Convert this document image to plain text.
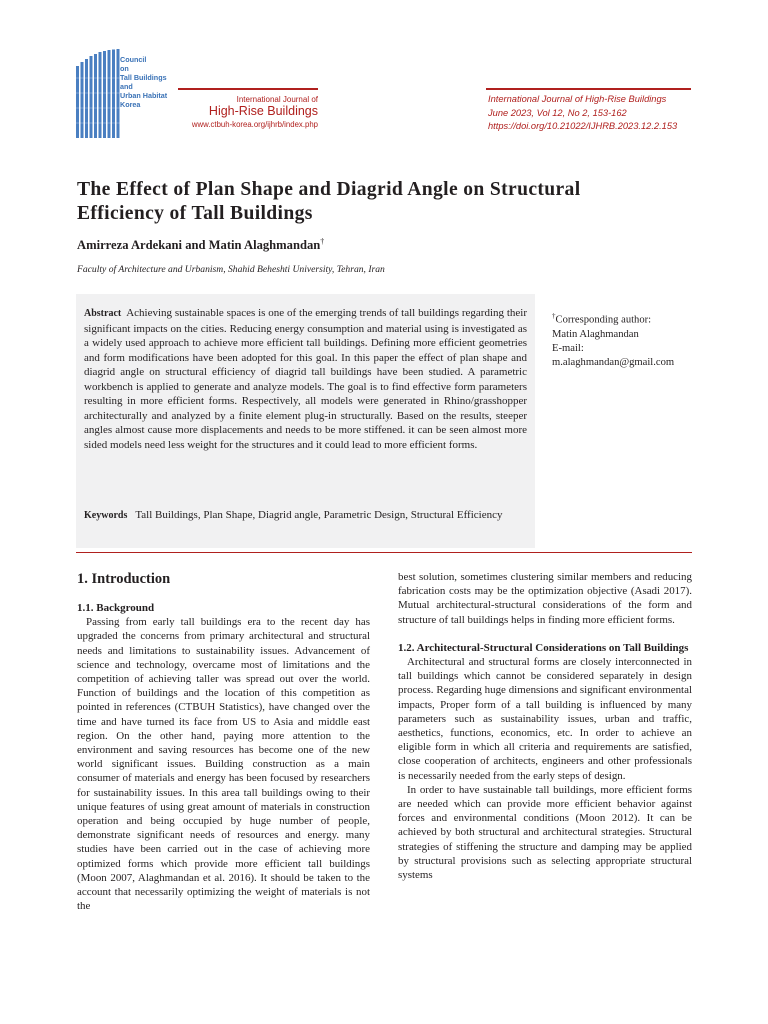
Council
on
Tall Buildings
and
Urban Habitat
Korea
International Journal of
High-Rise Buildings
www.ctbuh-korea.org/ijhrb/index.php
International Journal of High-Rise Buildings
June 2023, Vol 12, No 2, 153-162
https://doi.org/10.21022/IJHRB.2023.12.2.153
The Effect of Plan Shape and Diagrid Angle on Structural
Efficiency of Tall Buildings
Amirreza Ardekani and Matin Alaghmandan†
Faculty of Architecture and Urbanism, Shahid Beheshti University, Tehran, Iran
Abstract Achieving sustainable spaces is one of the emerging trends of tall buildings regarding their significant impacts on the cities. Reducing energy consumption and material using is investigated as a widely used approach to achieve more efficient tall buildings. Defining more efficient geometries and form modifications have been adopted for this goal. In this paper the effect of plan shape and diagrid angle on structural efficiency of diagrid tall buildings have been studied. A parametric workbench is applied to generate and analyze models. The goal is to find effective form parameters resulting in more efficient forms. Respectively, all models were generated in Rhino/grasshopper architecturally and analyzed by a finite element plug-in structurally. Based on the results, steeper angles almost cause more displacements and needs to be more stiffened. it can be seen almost more sided models need less weight for the structures and it could lead to more efficient forms.
Keywords Tall Buildings, Plan Shape, Diagrid angle, Parametric Design, Structural Efficiency
†Corresponding author:
Matin Alaghmandan
E-mail:
m.alaghmandan@gmail.com
1. Introduction
1.1. Background

Passing from early tall buildings era to the recent day has upgraded the concerns from primary architectural and structural needs and limitations to sustainability issues. Advancement of science and technology, overcame most of limitations and the competition of achieving taller was spread out over the world. Function of buildings and the location of this competition as pointed in references (CTBUH Statistics), have changed over the time and have turned its face from US to Asia and middle east region. On the other hand, paying more attention to the environment and saving resources has become one of the new world significant issues. Building construction as a main consumer of materials and energy has been focused by researchers for sustainability issues. In this area tall buildings owing to their unique features of using great amount of materials in construction operation and being occupied by huge number of people, demonstrate significant needs of resources and energy. many studies have been carried out in the case of achieving more optimized forms which provide more efficient tall buildings (Moon 2007, Alaghmandan et al. 2016). It should be taken to the account that necessarily optimizing the weight of materials is not the

best solution, sometimes clustering similar members and reducing fabrication costs may be the optimization objective (Asadi 2017). Mutual architectural-structural considerations of the form and structure of tall buildings helps in finding more efficient forms.

1.2. Architectural-Structural Considerations on Tall Buildings

Architectural and structural forms are closely interconnected in tall buildings which cannot be considered separately in design process. Regarding huge dimensions and significant environmental impacts, Proper form of a tall building is influenced by many parameters such as sustainability issues, urban and traffic, aesthetics, functions, economics, etc. In order to achieve an eligible form in which all criteria and requirements are satisfied, close cooperation of architects, engineers and other professionals is necessarily needed from the early steps of design.

In order to have sustainable tall buildings, more efficient forms are needed which can provide more efficient behavior against forces and environmental conditions (Moon 2012). It can be achieved by both structural and architectural strategies. Structural strategies of stiffening the structure and damping may be applied by structural provisions such as selecting appropriate structural systems
